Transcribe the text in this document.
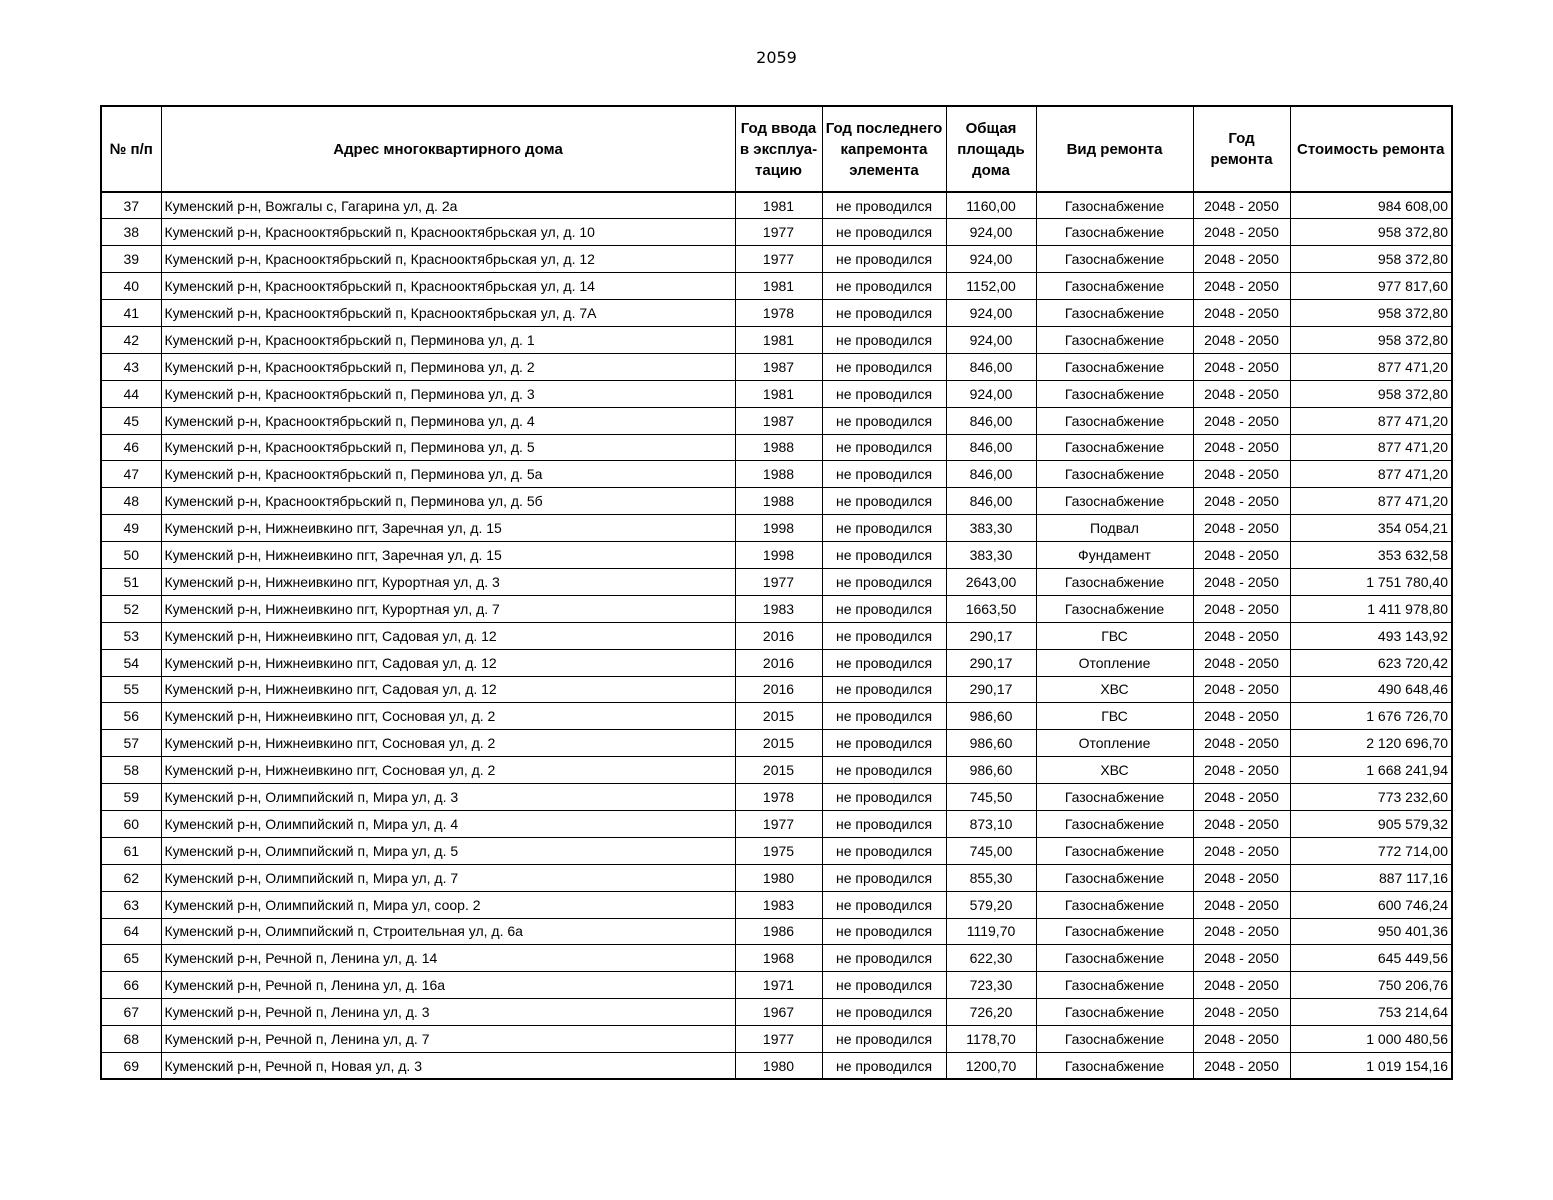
2059
№ п/п	Адрес многоквартирного дома	Год ввода в эксплуа-тацию	Год последнего капремонта элемента	Общая площадь дома	Вид ремонта	Год ремонта	Стоимость ремонта
37	Куменский р-н, Вожгалы с, Гагарина ул, д. 2а	1981	не проводился	1160,00	Газоснабжение	2048 - 2050	984 608,00
38	Куменский р-н, Краснооктябрьский п, Краснооктябрьская ул, д. 10	1977	не проводился	924,00	Газоснабжение	2048 - 2050	958 372,80
39	Куменский р-н, Краснооктябрьский п, Краснооктябрьская ул, д. 12	1977	не проводился	924,00	Газоснабжение	2048 - 2050	958 372,80
40	Куменский р-н, Краснооктябрьский п, Краснооктябрьская ул, д. 14	1981	не проводился	1152,00	Газоснабжение	2048 - 2050	977 817,60
41	Куменский р-н, Краснооктябрьский п, Краснооктябрьская ул, д. 7А	1978	не проводился	924,00	Газоснабжение	2048 - 2050	958 372,80
42	Куменский р-н, Краснооктябрьский п, Перминова ул, д. 1	1981	не проводился	924,00	Газоснабжение	2048 - 2050	958 372,80
43	Куменский р-н, Краснооктябрьский п, Перминова ул, д. 2	1987	не проводился	846,00	Газоснабжение	2048 - 2050	877 471,20
44	Куменский р-н, Краснооктябрьский п, Перминова ул, д. 3	1981	не проводился	924,00	Газоснабжение	2048 - 2050	958 372,80
45	Куменский р-н, Краснооктябрьский п, Перминова ул, д. 4	1987	не проводился	846,00	Газоснабжение	2048 - 2050	877 471,20
46	Куменский р-н, Краснооктябрьский п, Перминова ул, д. 5	1988	не проводился	846,00	Газоснабжение	2048 - 2050	877 471,20
47	Куменский р-н, Краснооктябрьский п, Перминова ул, д. 5а	1988	не проводился	846,00	Газоснабжение	2048 - 2050	877 471,20
48	Куменский р-н, Краснооктябрьский п, Перминова ул, д. 5б	1988	не проводился	846,00	Газоснабжение	2048 - 2050	877 471,20
49	Куменский р-н, Нижнеивкино пгт, Заречная ул, д. 15	1998	не проводился	383,30	Подвал	2048 - 2050	354 054,21
50	Куменский р-н, Нижнеивкино пгт, Заречная ул, д. 15	1998	не проводился	383,30	Фундамент	2048 - 2050	353 632,58
51	Куменский р-н, Нижнеивкино пгт, Курортная ул, д. 3	1977	не проводился	2643,00	Газоснабжение	2048 - 2050	1 751 780,40
52	Куменский р-н, Нижнеивкино пгт, Курортная ул, д. 7	1983	не проводился	1663,50	Газоснабжение	2048 - 2050	1 411 978,80
53	Куменский р-н, Нижнеивкино пгт, Садовая ул, д. 12	2016	не проводился	290,17	ГВС	2048 - 2050	493 143,92
54	Куменский р-н, Нижнеивкино пгт, Садовая ул, д. 12	2016	не проводился	290,17	Отопление	2048 - 2050	623 720,42
55	Куменский р-н, Нижнеивкино пгт, Садовая ул, д. 12	2016	не проводился	290,17	ХВС	2048 - 2050	490 648,46
56	Куменский р-н, Нижнеивкино пгт, Сосновая ул, д. 2	2015	не проводился	986,60	ГВС	2048 - 2050	1 676 726,70
57	Куменский р-н, Нижнеивкино пгт, Сосновая ул, д. 2	2015	не проводился	986,60	Отопление	2048 - 2050	2 120 696,70
58	Куменский р-н, Нижнеивкино пгт, Сосновая ул, д. 2	2015	не проводился	986,60	ХВС	2048 - 2050	1 668 241,94
59	Куменский р-н, Олимпийский п, Мира ул, д. 3	1978	не проводился	745,50	Газоснабжение	2048 - 2050	773 232,60
60	Куменский р-н, Олимпийский п, Мира ул, д. 4	1977	не проводился	873,10	Газоснабжение	2048 - 2050	905 579,32
61	Куменский р-н, Олимпийский п, Мира ул, д. 5	1975	не проводился	745,00	Газоснабжение	2048 - 2050	772 714,00
62	Куменский р-н, Олимпийский п, Мира ул, д. 7	1980	не проводился	855,30	Газоснабжение	2048 - 2050	887 117,16
63	Куменский р-н, Олимпийский п, Мира ул, соор. 2	1983	не проводился	579,20	Газоснабжение	2048 - 2050	600 746,24
64	Куменский р-н, Олимпийский п, Строительная ул, д. 6а	1986	не проводился	1119,70	Газоснабжение	2048 - 2050	950 401,36
65	Куменский р-н, Речной п, Ленина ул, д. 14	1968	не проводился	622,30	Газоснабжение	2048 - 2050	645 449,56
66	Куменский р-н, Речной п, Ленина ул, д. 16а	1971	не проводился	723,30	Газоснабжение	2048 - 2050	750 206,76
67	Куменский р-н, Речной п, Ленина ул, д. 3	1967	не проводился	726,20	Газоснабжение	2048 - 2050	753 214,64
68	Куменский р-н, Речной п, Ленина ул, д. 7	1977	не проводился	1178,70	Газоснабжение	2048 - 2050	1 000 480,56
69	Куменский р-н, Речной п, Новая ул, д. 3	1980	не проводился	1200,70	Газоснабжение	2048 - 2050	1 019 154,16
